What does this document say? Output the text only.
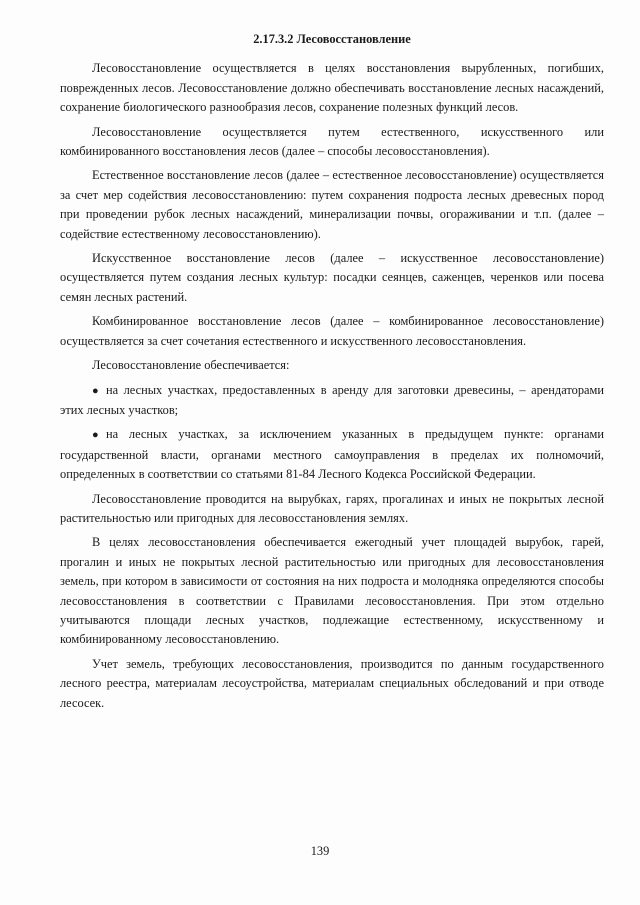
2.17.3.2 Лесовосстановление

Лесовосстановление осуществляется в целях восстановления вырубленных, погибших, поврежденных лесов. Лесовосстановление должно обеспечивать восстановление лесных насаждений, сохранение биологического разнообразия лесов, сохранение полезных функций лесов.

Лесовосстановление осуществляется путем естественного, искусственного или комбинированного восстановления лесов (далее – способы лесовосстановления).

Естественное восстановление лесов (далее – естественное лесовосстановление) осуществляется за счет мер содействия лесовосстановлению: путем сохранения подроста лесных древесных пород при проведении рубок лесных насаждений, минерализации почвы, огораживании и т.п. (далее – содействие естественному лесовосстановлению).

Искусственное восстановление лесов (далее – искусственное лесовосстановление) осуществляется путем создания лесных культур: посадки сеянцев, саженцев, черенков или посева семян лесных растений.

Комбинированное восстановление лесов (далее – комбинированное лесовосстановление) осуществляется за счет сочетания естественного и искусственного лесовосстановления.

Лесовосстановление обеспечивается:

● на лесных участках, предоставленных в аренду для заготовки древесины, – арендаторами этих лесных участков;

● на лесных участках, за исключением указанных в предыдущем пункте: органами государственной власти, органами местного самоуправления в пределах их полномочий, определенных в соответствии со статьями 81-84 Лесного Кодекса Российской Федерации.

Лесовосстановление проводится на вырубках, гарях, прогалинах и иных не покрытых лесной растительностью или пригодных для лесовосстановления землях.

В целях лесовосстановления обеспечивается ежегодный учет площадей вырубок, гарей, прогалин и иных не покрытых лесной растительностью или пригодных для лесовосстановления земель, при котором в зависимости от состояния на них подроста и молодняка определяются способы лесовосстановления в соответствии с Правилами лесовосстановления. При этом отдельно учитываются площади лесных участков, подлежащие естественному, искусственному и комбинированному лесовосстановлению.

Учет земель, требующих лесовосстановления, производится по данным государственного лесного реестра, материалам лесоустройства, материалам специальных обследований и при отводе лесосек.

139
